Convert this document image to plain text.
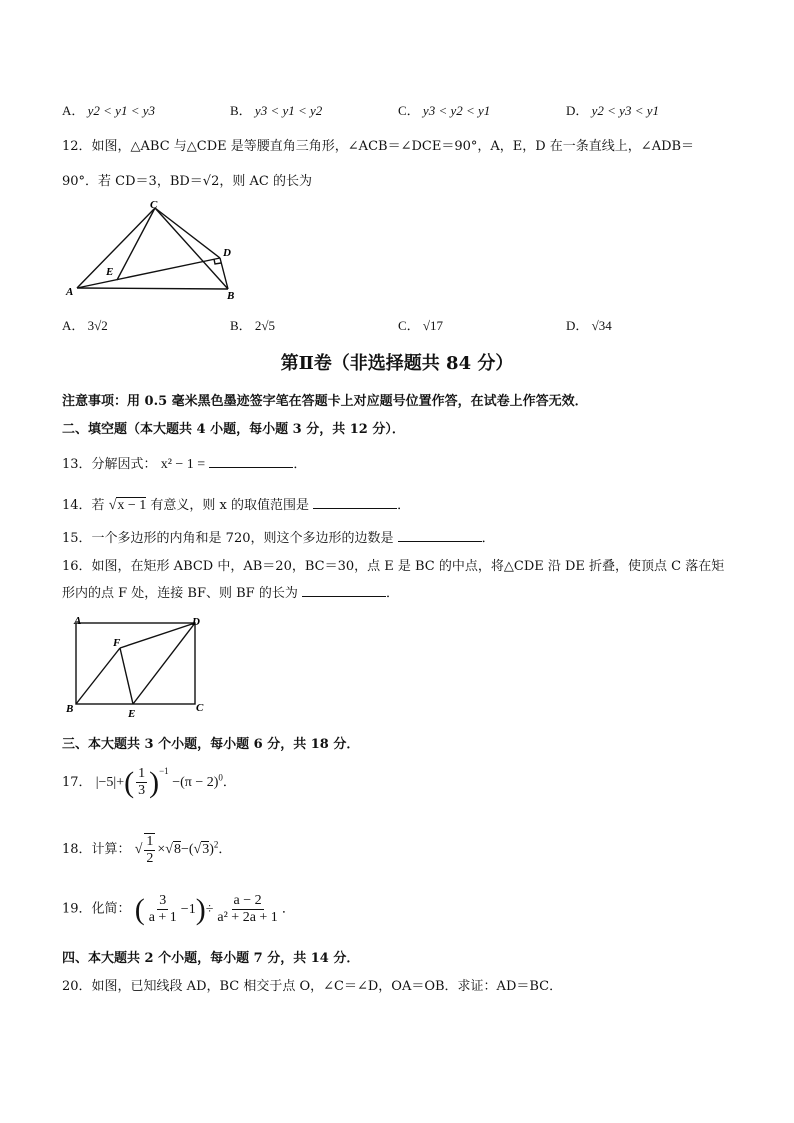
A． y2 < y1 < y3	B． y3 < y1 < y2	C． y3 < y2 < y1	D． y2 < y3 < y1
12．如图，△ABC 与△CDE 是等腰直角三角形，∠ACB＝∠DCE＝90°，A，E，D 在一条直线上，∠ADB＝
90°．若 CD＝3，BD＝√2，则 AC 的长为
C
D
E
A	B
A． 3√2	B． 2√5	C． √17	D． √34
第Ⅱ卷（非选择题共 84 分）
注意事项：用 0.5 毫米黑色墨迹签字笔在答题卡上对应题号位置作答，在试卷上作答无效．
二、填空题（本大题共 4 小题，每小题 3 分，共 12 分）．
13．分解因式： x² − 1 =	．
14．若 √x − 1 有意义，则 x 的取值范围是	．
15．一个多边形的内角和是 720，则这个多边形的边数是	．
16．如图，在矩形 ABCD 中，AB＝20，BC＝30，点 E 是 BC 的中点，将△CDE 沿 DE 折叠，使顶点 C 落在矩
形内的点 F 处，连接 BF、则 BF 的长为	．
A	D
F
B	E	C
三、本大题共 3 个小题，每小题 6 分，共 18 分．
17． $|-5|+( \frac{1}{3} )^{-1} -(\pi - 2)^0$．
18．计算： √ $\frac{1}{2} \times√8-(√3)^2$．
19．化简： ( $\frac{3}{a + 1} -1)\div \frac{a - 2}{\text{a² + 2a + 1}}$ ．
四、本大题共 2 个小题，每小题 7 分，共 14 分．
20．如图，已知线段 AD，BC 相交于点 O，∠C＝∠D，OA＝OB．求证：AD＝BC．
